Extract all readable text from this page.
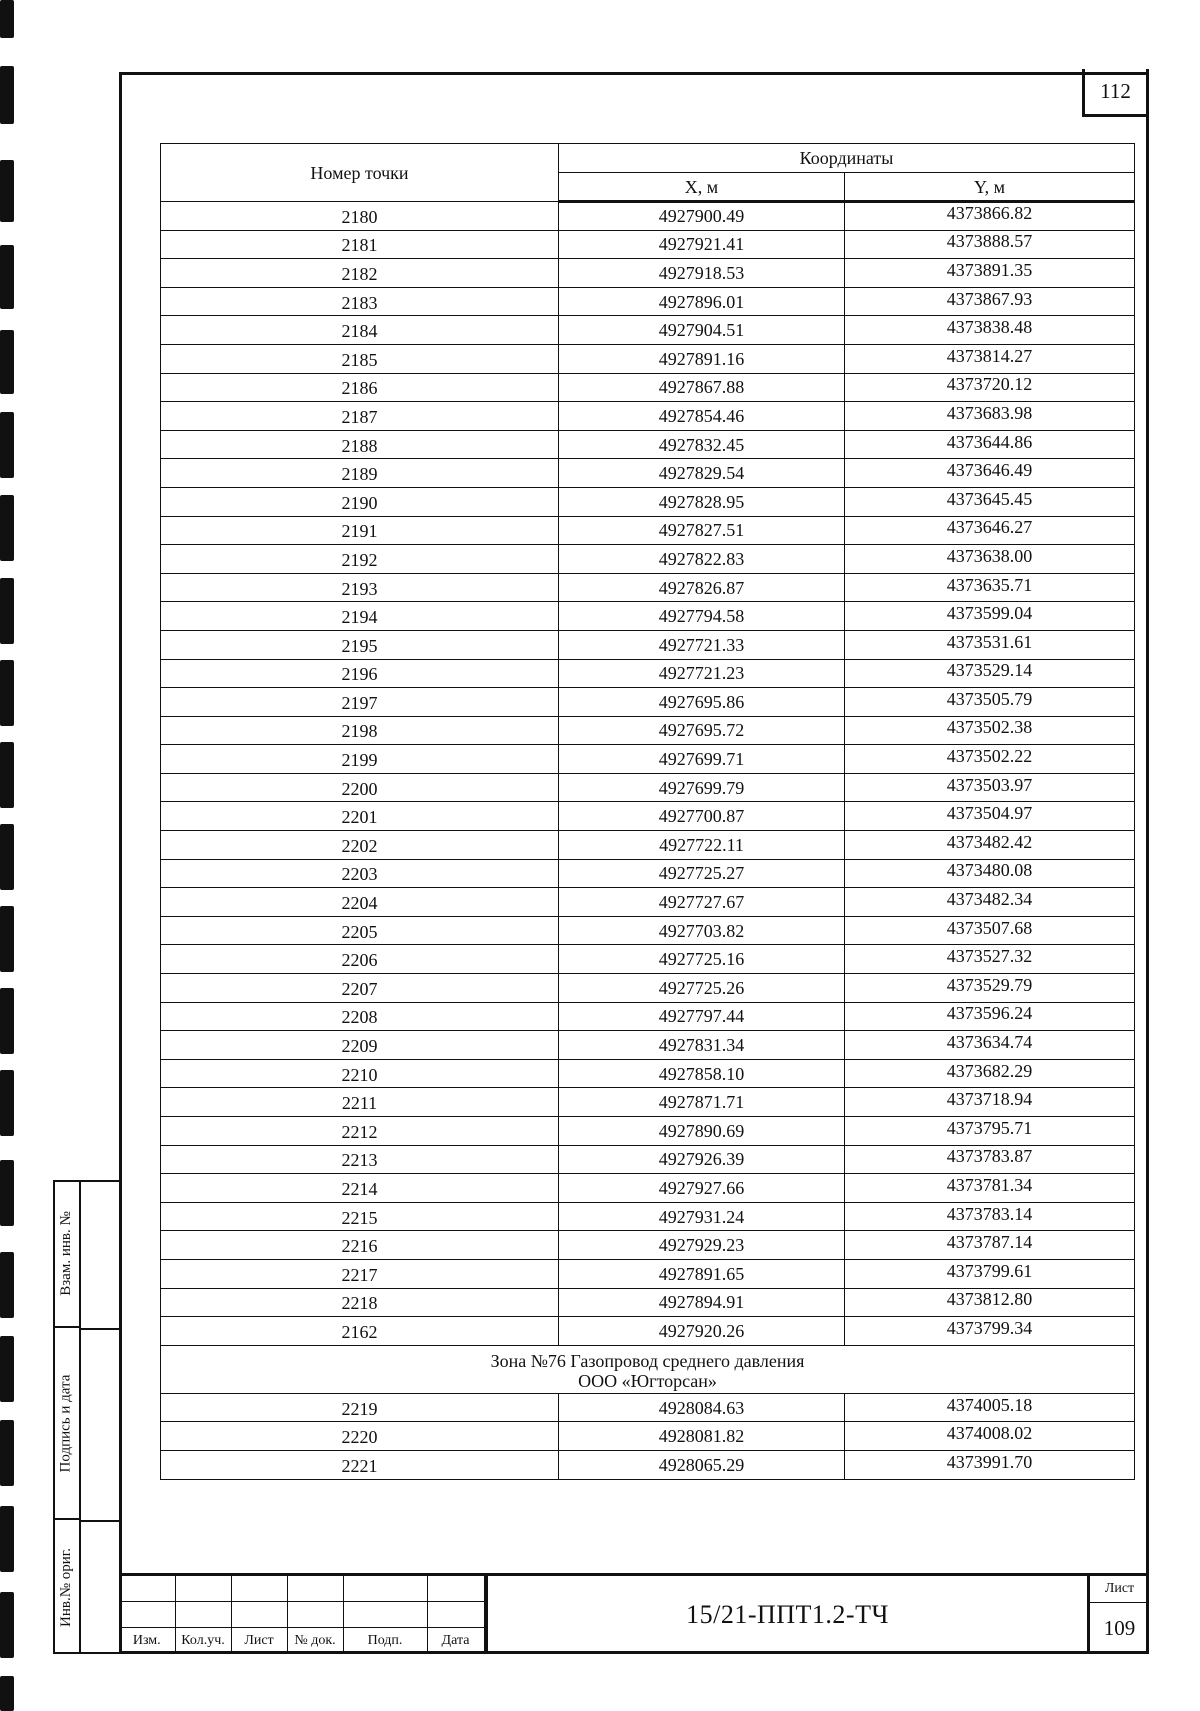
112
Взам. инв. №
Подпись и дата
Инв.№ ориг.
Номер точки	Координаты	
	X, м	Y, м
2180	4927900.49	4373866.82
2181	4927921.41	4373888.57
2182	4927918.53	4373891.35
2183	4927896.01	4373867.93
2184	4927904.51	4373838.48
2185	4927891.16	4373814.27
2186	4927867.88	4373720.12
2187	4927854.46	4373683.98
2188	4927832.45	4373644.86
2189	4927829.54	4373646.49
2190	4927828.95	4373645.45
2191	4927827.51	4373646.27
2192	4927822.83	4373638.00
2193	4927826.87	4373635.71
2194	4927794.58	4373599.04
2195	4927721.33	4373531.61
2196	4927721.23	4373529.14
2197	4927695.86	4373505.79
2198	4927695.72	4373502.38
2199	4927699.71	4373502.22
2200	4927699.79	4373503.97
2201	4927700.87	4373504.97
2202	4927722.11	4373482.42
2203	4927725.27	4373480.08
2204	4927727.67	4373482.34
2205	4927703.82	4373507.68
2206	4927725.16	4373527.32
2207	4927725.26	4373529.79
2208	4927797.44	4373596.24
2209	4927831.34	4373634.74
2210	4927858.10	4373682.29
2211	4927871.71	4373718.94
2212	4927890.69	4373795.71
2213	4927926.39	4373783.87
2214	4927927.66	4373781.34
2215	4927931.24	4373783.14
2216	4927929.23	4373787.14
2217	4927891.65	4373799.61
2218	4927894.91	4373812.80
2162	4927920.26	4373799.34

Зона №76 Газопровод среднего давления
ООО «Югторсан»		

2219	4928084.63	4374005.18
2220	4928081.82	4374008.02
2221	4928065.29	4373991.70

Изм.	Кол.уч.	Лист	№ док.	Подп.	Дата
15/21-ППТ1.2-ТЧ
Лист
109
